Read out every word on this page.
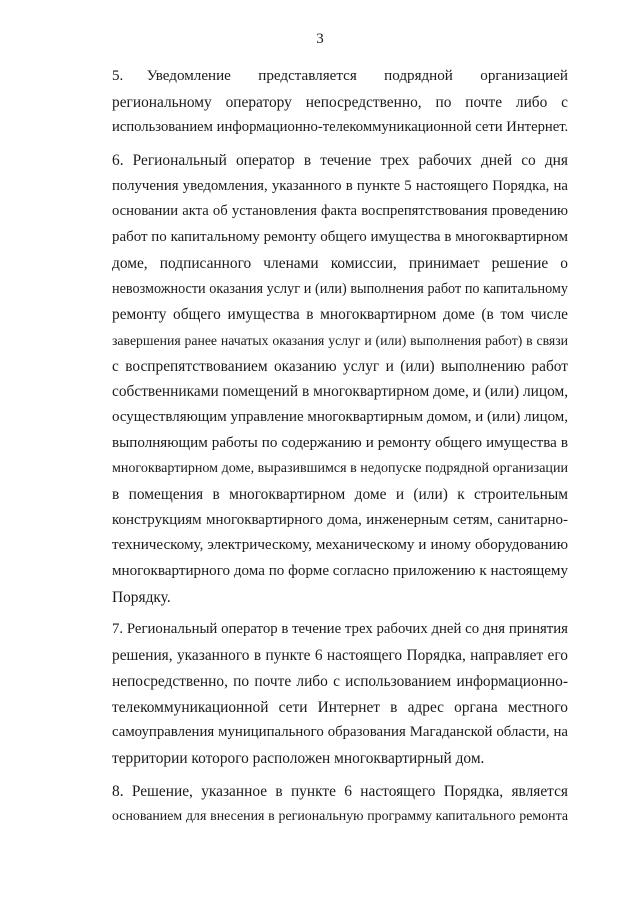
3
5.      Уведомление       представляется       подрядной       организацией
региональному оператору непосредственно, по почте либо с
использованием информационно-телекоммуникационной сети Интернет.
6. Региональный оператор в течение трех рабочих дней со дня
получения уведомления, указанного в пункте 5 настоящего Порядка, на
основании акта об установления факта воспрепятствования проведению
работ по капитальному ремонту общего имущества в многоквартирном
доме, подписанного членами комиссии, принимает решение о
невозможности оказания услуг и (или) выполнения работ по капитальному
ремонту общего имущества в многоквартирном доме (в том числе
завершения ранее начатых оказания услуг и (или) выполнения работ) в связи
с воспрепятствованием оказанию услуг и (или) выполнению работ
собственниками помещений в многоквартирном доме, и (или) лицом,
осуществляющим управление многоквартирным домом, и (или) лицом,
выполняющим работы по содержанию и ремонту общего имущества в
многоквартирном доме, выразившимся в недопуске подрядной организации
в помещения в многоквартирном доме и (или) к строительным
конструкциям многоквартирного дома, инженерным сетям, санитарно-
техническому, электрическому, механическому и иному оборудованию
многоквартирного дома по форме согласно приложению к настоящему
Порядку.
7. Региональный оператор в течение трех рабочих дней со дня принятия
решения, указанного в пункте 6 настоящего Порядка, направляет его
непосредственно, по почте либо с использованием информационно-
телекоммуникационной сети Интернет в адрес органа местного
самоуправления муниципального образования Магаданской области, на
территории которого расположен многоквартирный дом.
8. Решение, указанное в пункте 6 настоящего Порядка, является
основанием для внесения в региональную программу капитального ремонта
